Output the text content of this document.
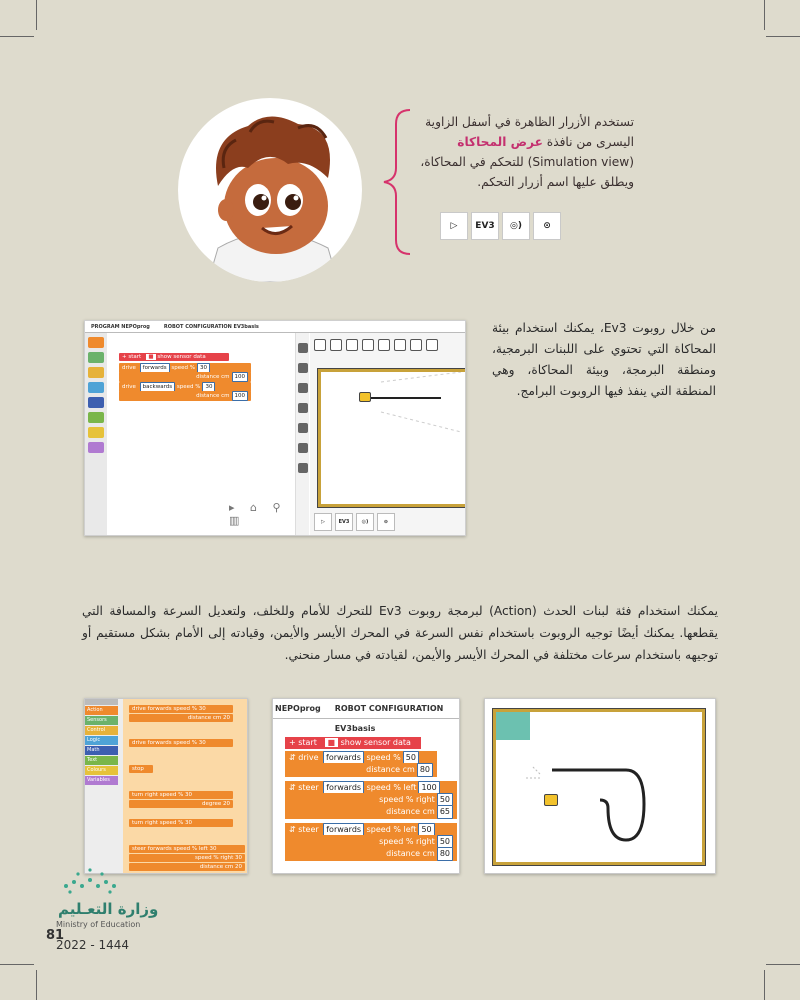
تستخدم الأزرار الظاهرة في أسفل الزاوية اليسرى من نافذة عرض المحاكاة (Simulation view) للتحكم في المحاكاة، ويطلق عليها اسم أزرار التحكم.
▷	EV3	◎)	⊙
من خلال روبوت Ev3، يمكنك استخدام بيئة المحاكاة التي تحتوي على اللبنات البرمجية، ومنطقة البرمجة، وبيئة المحاكاة، وهي المنطقة التي ينفذ فيها الروبوت البرامج.
PROGRAM NEPOprog	ROBOT CONFIGURATION EV3basis
+ start ■ show sensor data
drive forwards speed % 30
distance cm 100
drive backwards speed % 30
distance cm 100
▸ ⌂ ⚲ ▥	▷	EV3	◎)	⊙
يمكنك استخدام فئة لبنات الحدث (Action) لبرمجة روبوت Ev3 للتحرك للأمام وللخلف، ولتعديل السرعة والمسافة التي يقطعها. يمكنك أيضًا توجيه الروبوت باستخدام نفس السرعة في المحرك الأيسر والأيمن، وقيادته إلى الأمام بشكل مستقيم أو توجيهه باستخدام سرعات مختلفة في المحرك الأيسر والأيمن، لقيادته في مسار منحني.
Action
Sensors
Control
Logic
Math
Text
Colours
Variables
drive forwards speed % 30
distance cm 20
drive forwards speed % 30
stop
turn right speed % 30
degree 20
turn right speed % 30
steer forwards speed % left 30
speed % right 30
distance cm 20
NEPOprog ROBOT CONFIGURATION EV3basis
+ start ■ show sensor data
⇵ drive forwards speed % 50
distance cm 80
⇵ steer forwards speed % left 100
speed % right 50
distance cm 65
⇵ steer forwards speed % left 50
speed % right 50
distance cm 80
وزارة التعـليم
Ministry of Education
81
2022 - 1444
